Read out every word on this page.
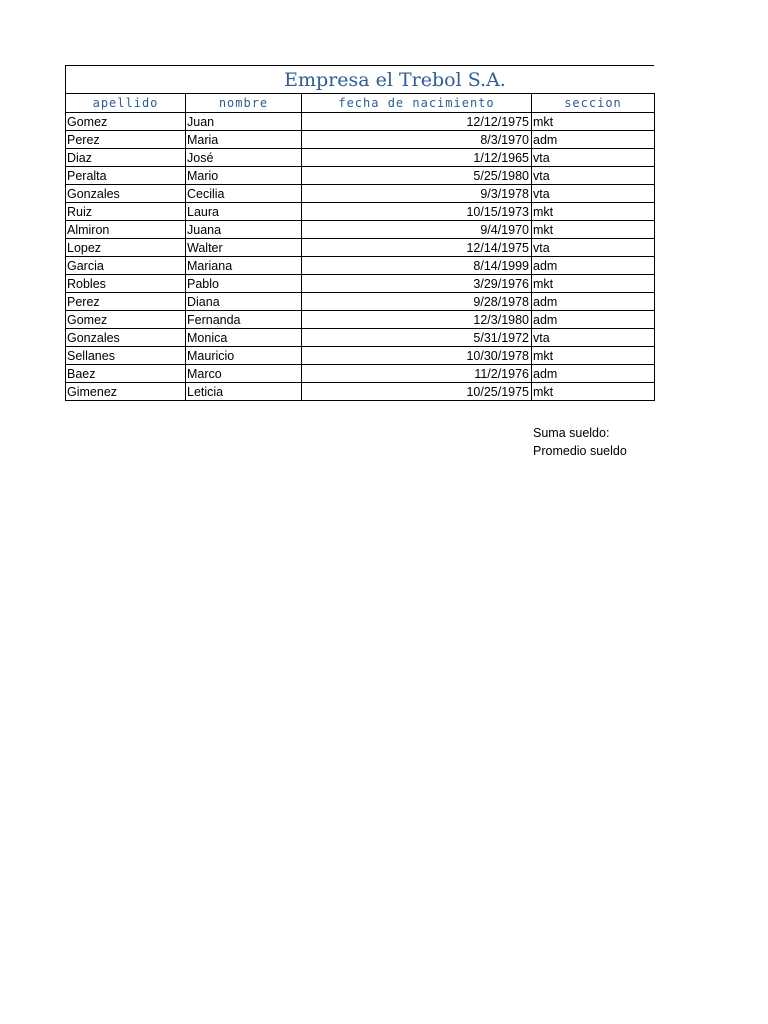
Empresa el Trebol S.A.
apellido	nombre	fecha de nacimiento	seccion
Gomez	Juan	12/12/1975	mkt
Perez	Maria	8/3/1970	adm
Diaz	José	1/12/1965	vta
Peralta	Mario	5/25/1980	vta
Gonzales	Cecilia	9/3/1978	vta
Ruiz	Laura	10/15/1973	mkt
Almiron	Juana	9/4/1970	mkt
Lopez	Walter	12/14/1975	vta
Garcia	Mariana	8/14/1999	adm
Robles	Pablo	3/29/1976	mkt
Perez	Diana	9/28/1978	adm
Gomez	Fernanda	12/3/1980	adm
Gonzales	Monica	5/31/1972	vta
Sellanes	Mauricio	10/30/1978	mkt
Baez	Marco	11/2/1976	adm
Gimenez	Leticia	10/25/1975	mkt
Suma sueldo:
Promedio sueldo
